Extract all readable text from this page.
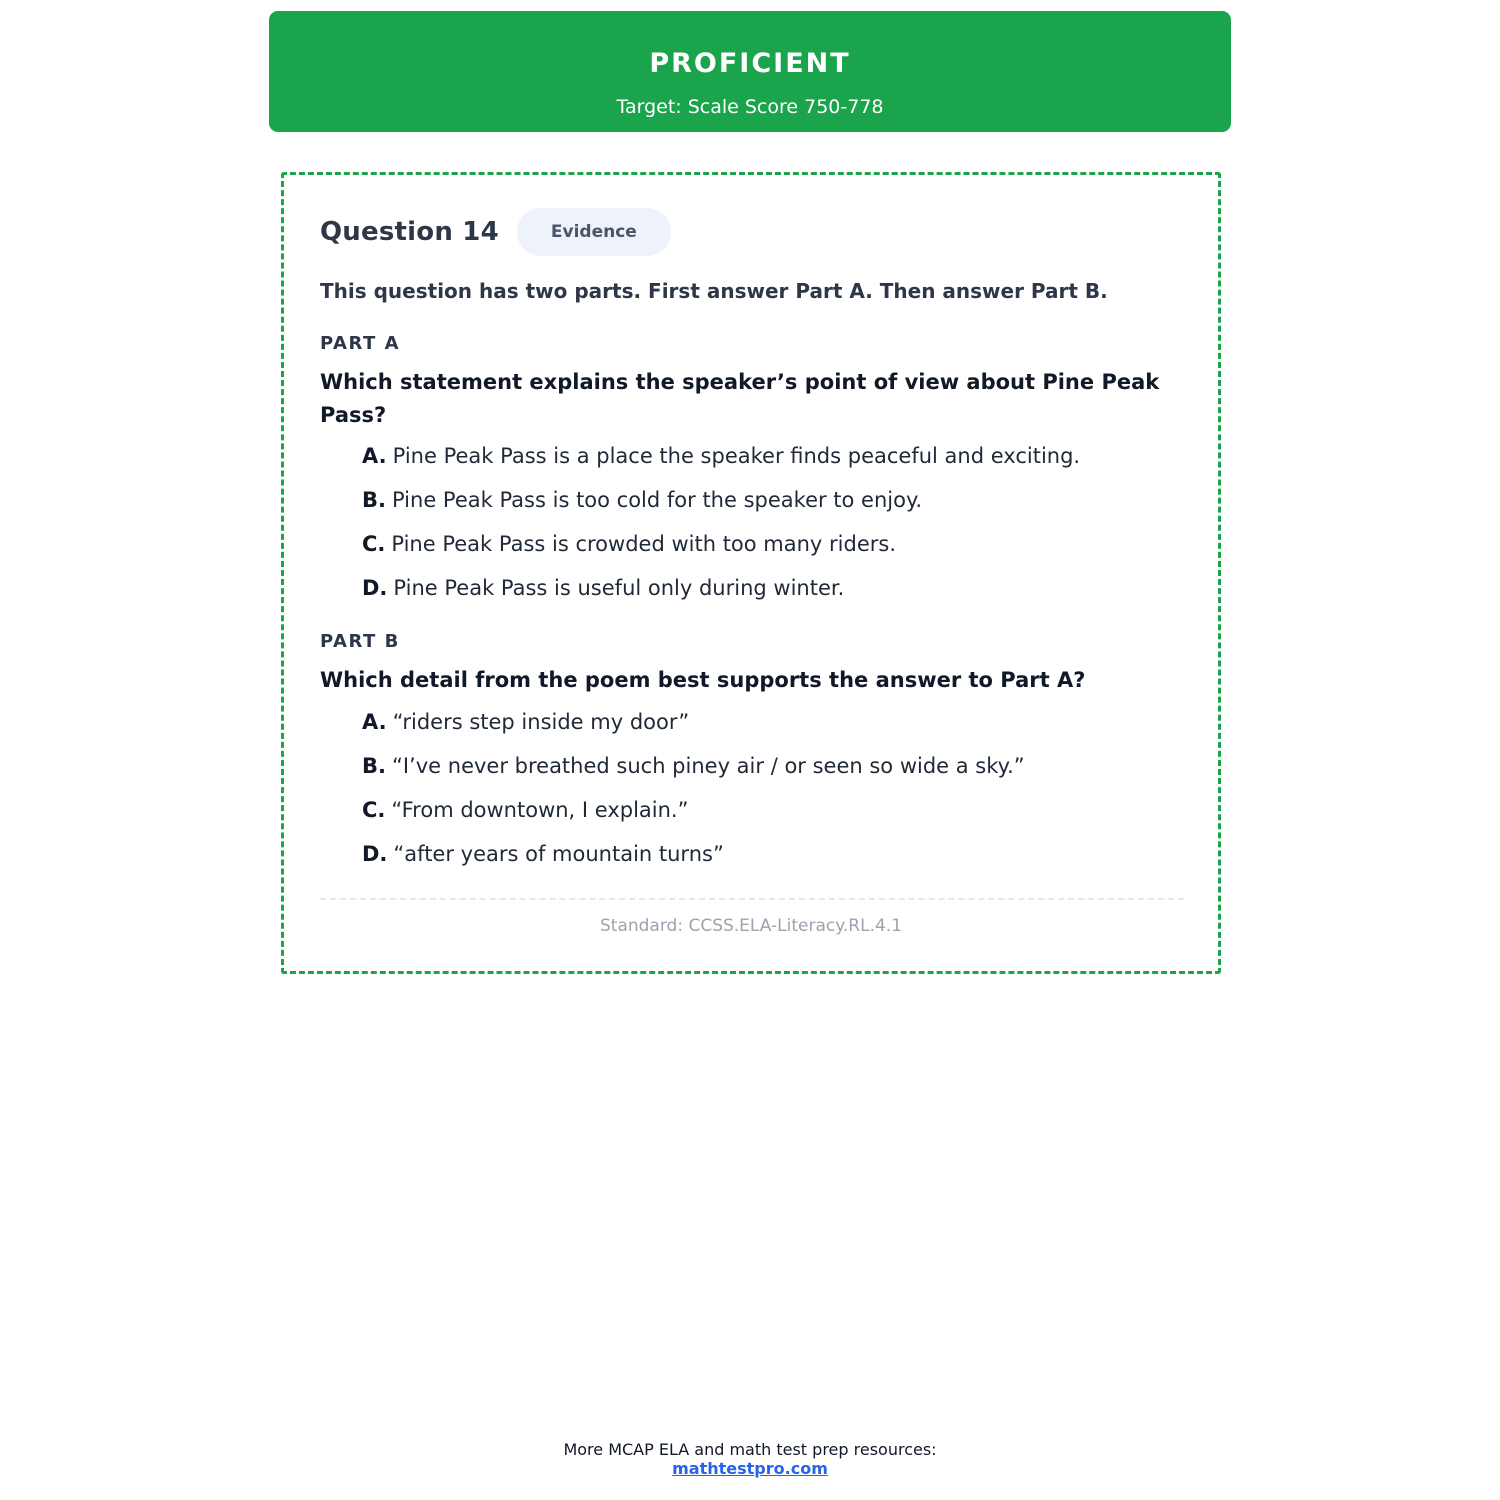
PROFICIENT
Target: Scale Score 750-778
Question 14	Evidence
This question has two parts. First answer Part A. Then answer Part B.
PART A
Which statement explains the speaker’s point of view about Pine Peak Pass?
A. Pine Peak Pass is a place the speaker finds peaceful and exciting.
B. Pine Peak Pass is too cold for the speaker to enjoy.
C. Pine Peak Pass is crowded with too many riders.
D. Pine Peak Pass is useful only during winter.
PART B
Which detail from the poem best supports the answer to Part A?
A. “riders step inside my door”
B. “I’ve never breathed such piney air / or seen so wide a sky.”
C. “From downtown, I explain.”
D. “after years of mountain turns”
Standard: CCSS.ELA-Literacy.RL.4.1
More MCAP ELA and math test prep resources:
mathtestpro.com
